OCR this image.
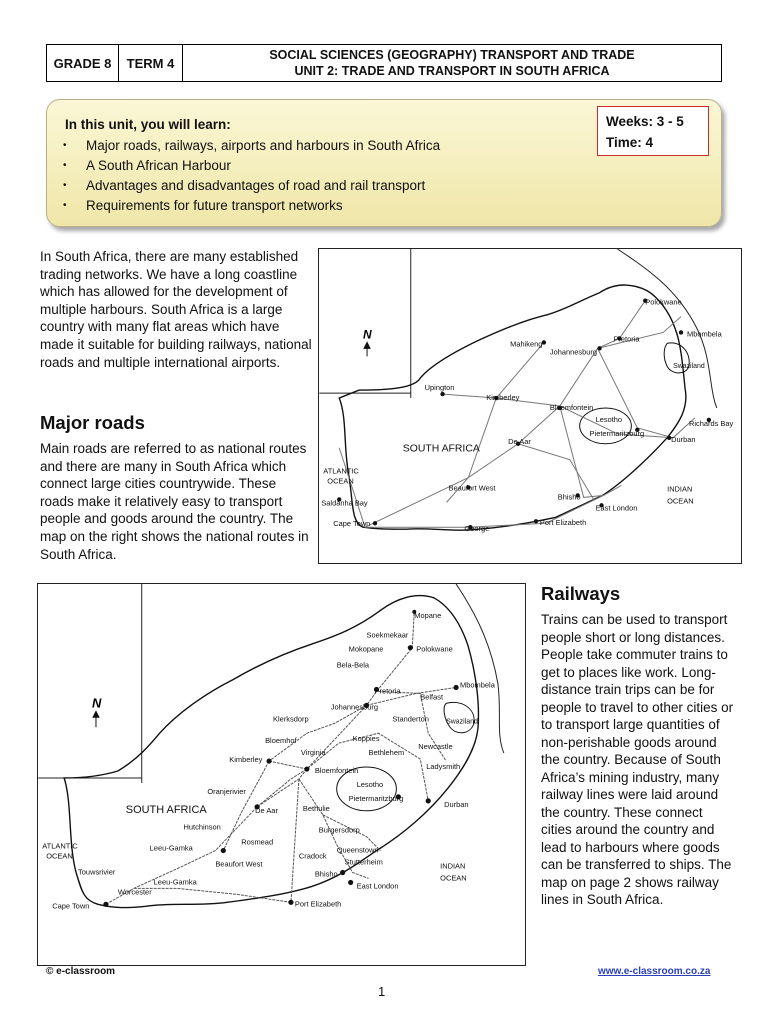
GRADE 8	TERM 4
SOCIAL SCIENCES (GEOGRAPHY) TRANSPORT AND TRADE
UNIT 2: TRADE AND TRANSPORT IN SOUTH AFRICA
In this unit, you will learn:
•	Major roads, railways, airports and harbours in South Africa
•	A South African Harbour
•	Advantages and disadvantages of road and rail transport
•	Requirements for future transport networks
Weeks: 3 - 5
Time: 4

In South Africa, there are many established trading networks. We have a long coastline which has allowed for the development of multiple harbours. South Africa is a large country with many flat areas which have made it suitable for building railways, national roads and multiple international airports.

N
Polokwane
Mbombela
Mahikeng
Pretoria
Johannesburg
Swaziland
Upington
Kimberley
Bloemfontein
Richards Bay
Lesotho
Pietermaritzburg
Durban
De Aar
Saldanha Bay
Beaufort West
Bhisho
East London
Cape Town
George
Port Elizabeth
SOUTH AFRICA
ATLANTIC
OCEAN
INDIAN
OCEAN
Major roads

Main roads are referred to as national routes and there are many in South Africa which connect large cities countrywide. These roads make it relatively easy to transport people and goods around the country. The map on the right shows the national routes in South Africa.

N
Mopane
Soekmekaar
Mokopane	Polokwane
Bela-Bela
Pretoria
Mbombela
Johannesburg
Belfast
Klerksdorp	Standerton Swaziland
Bloemhof	Koppies
Virginia
Newcastle
Bethlehem
Kimberley
Ladysmith
Bloemfontein
Oranjerivier
Lesotho
Pietermaritzburg
De Aar
Durban
Bethulie
Hutchinson	Burgersdorp
Rosmead
Leeu-Gamka
Beaufort West
Cradock
Queenstown
Stutterheim
Touwsrivier	Bhisho
Leeu-Gamka	East London
Worcester
Cape Town	Port Elizabeth
SOUTH AFRICA
ATLANTIC
OCEAN
INDIAN
OCEAN
Railways

Trains can be used to transport people short or long distances. People take commuter trains to get to places like work. Long-distance train trips can be for people to travel to other cities or to transport large quantities of non-perishable goods around the country. Because of South Africa’s mining industry, many railway lines were laid around the country. These connect cities around the country and lead to harbours where goods can be transferred to ships. The map on page 2 shows railway lines in South Africa.

© e-classroom	www.e-classroom.co.za
1
